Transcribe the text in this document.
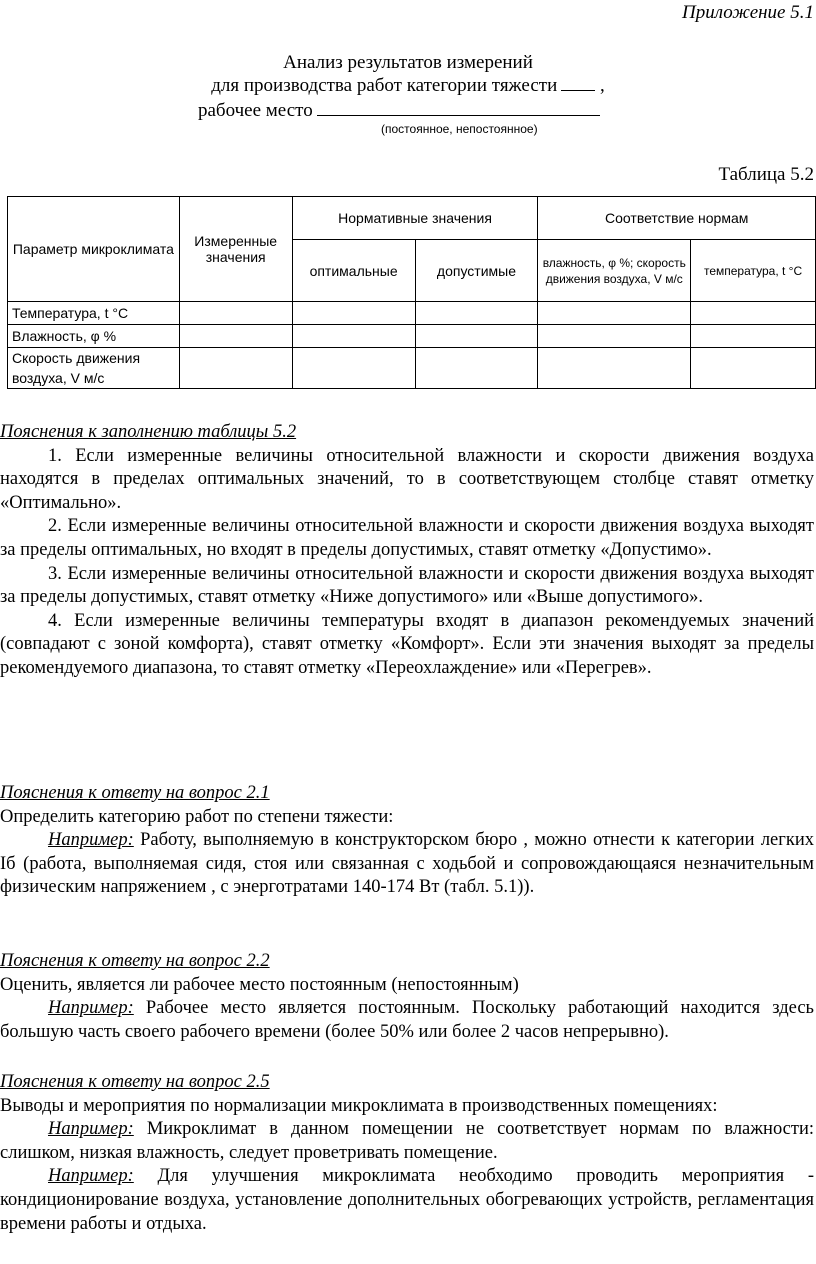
Приложение 5.1
Анализ результатов измерений
для производства работ категории тяжести ,
рабочее место
(постоянное, непостоянное)
Таблица 5.2
Параметр микроклимата	Измеренные значения	Нормативные значения		Соответствие нормам	
		оптимальные	допустимые	влажность, φ %; скорость движения воздуха, V м/с	температура, t °С
Температура, t °С					
Влажность, φ %					
Скорость движения воздуха, V м/с					

Пояснения к заполнению таблицы 5.2

1. Если измеренные величины относительной влажности и скорости движения воздуха находятся в пределах оптимальных значений, то в соответствующем столбце ставят отметку «Оптимально».

2. Если измеренные величины относительной влажности и скорости движения воздуха выходят за пределы оптимальных, но входят в пределы допустимых, ставят отметку «Допустимо».

3. Если измеренные величины относительной влажности и скорости движения воздуха выходят за пределы допустимых, ставят отметку «Ниже допустимого» или «Выше допустимого».

4. Если измеренные величины температуры входят в диапазон рекомендуемых значений (совпадают с зоной комфорта), ставят отметку «Комфорт». Если эти значения выходят за пределы рекомендуемого диапазона, то ставят отметку «Переохлаждение» или «Перегрев».

Пояснения к ответу на вопрос 2.1

Определить категорию работ по степени тяжести:

Например: Работу, выполняемую в конструкторском бюро , можно отнести к категории легких Iб (работа, выполняемая сидя, стоя или связанная с ходьбой и сопровождающаяся незначительным физическим напряжением , с энерготратами 140-174 Вт (табл. 5.1)).

Пояснения к ответу на вопрос 2.2

Оценить, является ли рабочее место постоянным (непостоянным)

Например: Рабочее место является постоянным. Поскольку работающий находится здесь большую часть своего рабочего времени (более 50% или более 2 часов непрерывно).

Пояснения к ответу на вопрос 2.5

Выводы и мероприятия по нормализации микроклимата в производственных помещениях:

Например: Микроклимат в данном помещении не соответствует нормам по влажности: слишком, низкая влажность, следует проветривать помещение.

Например: Для улучшения микроклимата необходимо проводить мероприятия - кондиционирование воздуха, установление дополнительных обогревающих устройств, регламентация времени работы и отдыха.
